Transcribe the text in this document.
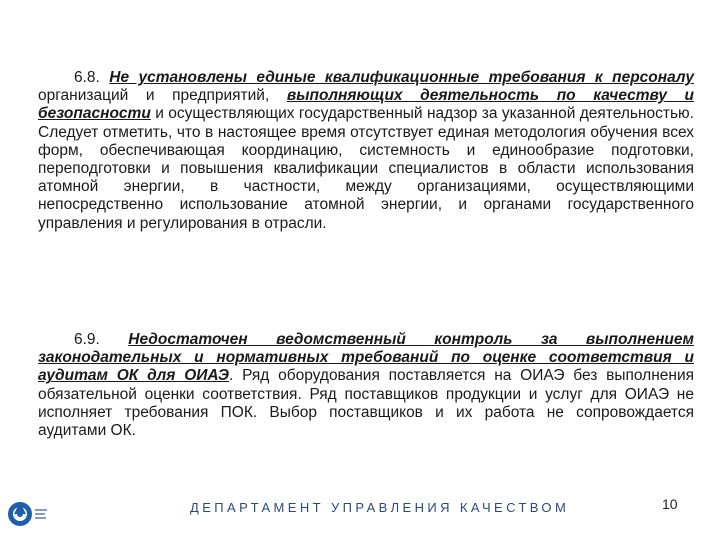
6.8. Не установлены единые квалификационные требования к персоналу организаций и предприятий, выполняющих деятельность по качеству и безопасности и осуществляющих государственный надзор за указанной деятельностью. Следует отметить, что в настоящее время отсутствует единая методология обучения всех форм, обеспечивающая координацию, системность и единообразие подготовки, переподготовки и повышения квалификации специалистов в области использования атомной энергии, в частности, между организациями, осуществляющими непосредственно использование атомной энергии, и органами государственного управления и регулирования в отрасли.

6.9. Недостаточен ведомственный контроль за выполнением законодательных и нормативных требований по оценке соответствия и аудитам ОК для ОИАЭ. Ряд оборудования поставляется на ОИАЭ без выполнения обязательной оценки соответствия. Ряд поставщиков продукции и услуг для ОИАЭ не исполняет требования ПОК. Выбор поставщиков и их работа не сопровождается аудитами ОК.

ДЕПАРТАМЕНТ УПРАВЛЕНИЯ КАЧЕСТВОМ	10
